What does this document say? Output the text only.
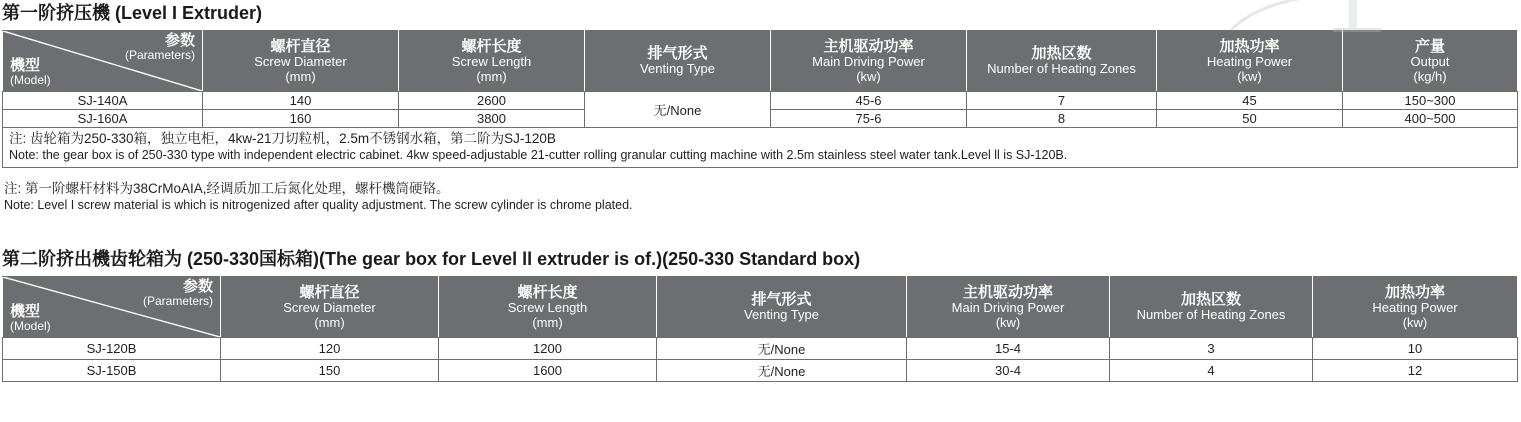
第一阶挤压機 (Level I Extruder)
参数
(Parameters)
機型
(Model)	螺杆直径
Screw Diameter
(mm)	螺杆长度
Screw Length
(mm)	排气形式
Venting Type	主机驱动功率
Main Driving Power
(kw)	加热区数
Number of Heating Zones	加热功率
Heating Power
(kw)	产量
Output
(kg/h)

SJ-140A	140	2600	无/None	45-6	7	45	150~300
SJ-160A	160	3800		75-6	8	50	400~500

注: 齿轮箱为250-330箱，独立电柜，4kw-21刀切粒机，2.5m不锈钢水箱，第二阶为SJ-120B
Note: the gear box is of 250-330 type with independent electric cabinet. 4kw speed-adjustable 21-cutter rolling granular cutting machine with 2.5m stainless steel water tank.Level ll is SJ-120B.							
注: 第一阶螺杆材料为38CrMoAIA,经调质加工后氮化处理，螺杆機筒硬铬。
Note: Level I screw material is which is nitrogenized after quality adjustment. The screw cylinder is chrome plated.
第二阶挤出機齿轮箱为 (250-330国标箱)(The gear box for Level ll extruder is of.)(250-330 Standard box)
参数
(Parameters)
機型
(Model)	螺杆直径
Screw Diameter
(mm)	螺杆长度
Screw Length
(mm)	排气形式
Venting Type	主机驱动功率
Main Driving Power
(kw)	加热区数
Number of Heating Zones	加热功率
Heating Power
(kw)

SJ-120B	120	1200	无/None	15-4	3	10
SJ-150B	150	1600	无/None	30-4	4	12
